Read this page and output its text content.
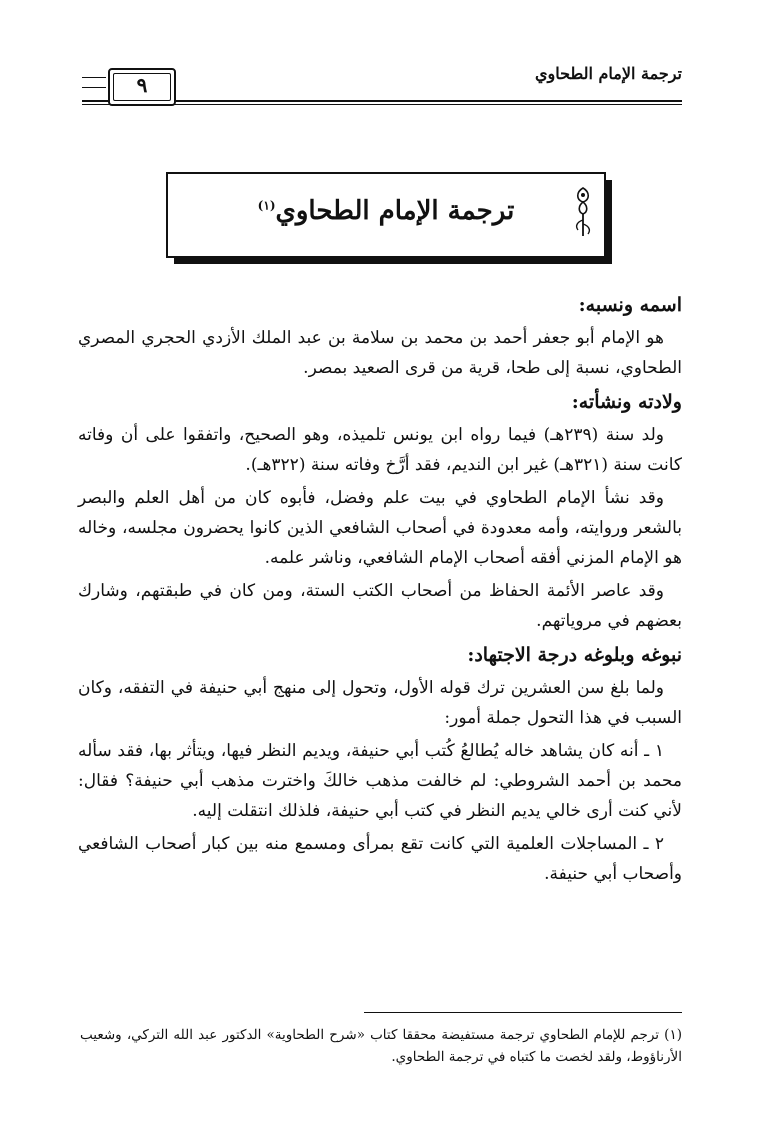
ترجمة الإمام الطحاوي
٩
ترجمة الإمام الطحاوي$^{(١)}$
اسمه ونسبه:
هو الإمام أبو جعفر أحمد بن محمد بن سلامة بن عبد الملك الأزدي الحجري المصري الطحاوي، نسبة إلى طحا، قرية من قرى الصعيد بمصر.
ولادته ونشأته:
ولد سنة (٢٣٩هـ) فيما رواه ابن يونس تلميذه، وهو الصحيح، واتفقوا على أن وفاته كانت سنة (٣٢١هـ) غير ابن النديم، فقد أرَّخ وفاته سنة (٣٢٢هـ).
وقد نشأ الإمام الطحاوي في بيت علم وفضل، فأبوه كان من أهل العلم والبصر بالشعر وروايته، وأمه معدودة في أصحاب الشافعي الذين كانوا يحضرون مجلسه، وخاله هو الإمام المزني أفقه أصحاب الإمام الشافعي، وناشر علمه.
وقد عاصر الأئمة الحفاظ من أصحاب الكتب الستة، ومن كان في طبقتهم، وشارك بعضهم في مروياتهم.
نبوغه وبلوغه درجة الاجتهاد:
ولما بلغ سن العشرين ترك قوله الأول، وتحول إلى منهج أبي حنيفة في التفقه، وكان السبب في هذا التحول جملة أمور:
١ ـ أنه كان يشاهد خاله يُطالعُ كُتب أبي حنيفة، ويديم النظر فيها، ويتأثر بها، فقد سأله محمد بن أحمد الشروطي: لم خالفت مذهب خالكَ واخترت مذهب أبي حنيفة؟ فقال: لأني كنت أرى خالي يديم النظر في كتب أبي حنيفة، فلذلك انتقلت إليه.
٢ ـ المساجلات العلمية التي كانت تقع بمرأى ومسمع منه بين كبار أصحاب الشافعي وأصحاب أبي حنيفة.
(١) ترجم للإمام الطحاوي ترجمة مستفيضة محققا كتاب «شرح الطحاوية» الدكتور عبد الله التركي، وشعيب الأرناؤوط، ولقد لخصت ما كتباه في ترجمة الطحاوي.
